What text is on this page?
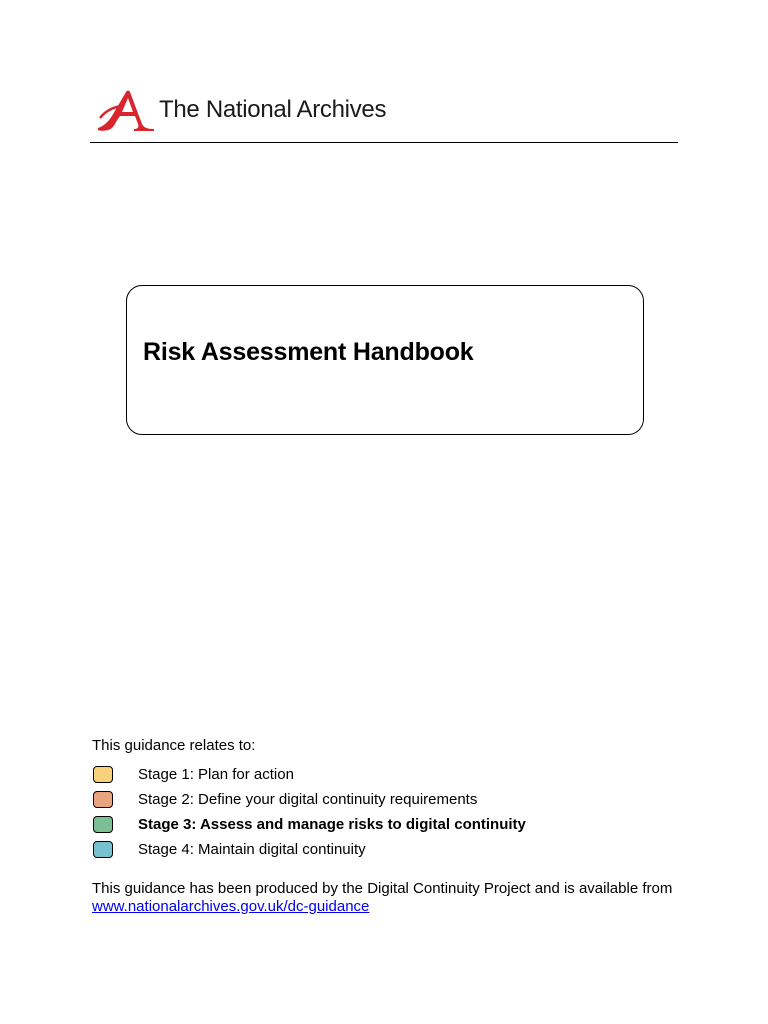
The National Archives
Risk Assessment Handbook
This guidance relates to:
Stage 1: Plan for action
Stage 2: Define your digital continuity requirements
Stage 3: Assess and manage risks to digital continuity
Stage 4: Maintain digital continuity
This guidance has been produced by the Digital Continuity Project and is available from www.nationalarchives.gov.uk/dc-guidance
